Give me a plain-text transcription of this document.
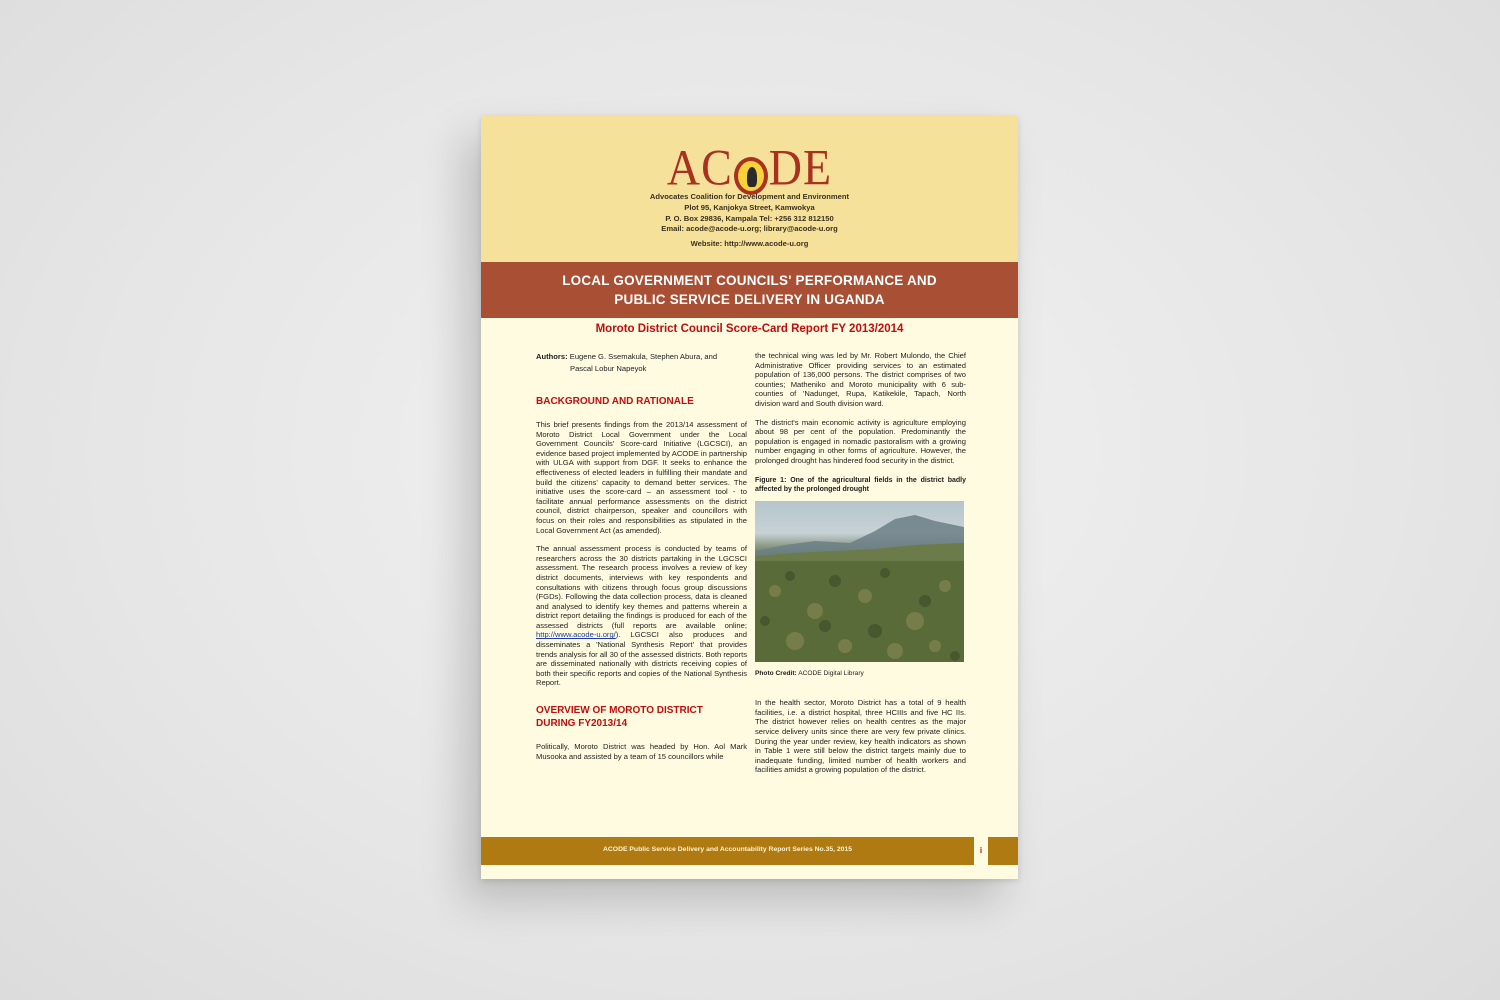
AC DE
Advocates Coalition for Development and Environment
Plot 95, Kanjokya Street, Kamwokya
P. O. Box 29836, Kampala Tel: +256 312 812150
Email: acode@acode-u.org; library@acode-u.org
Website: http://www.acode-u.org
LOCAL GOVERNMENT COUNCILS' PERFORMANCE AND
PUBLIC SERVICE DELIVERY IN UGANDA
Moroto District Council Score-Card Report FY 2013/2014
Authors: Eugene G. Ssemakula, Stephen Abura, and
Pascal Lobur Napeyok
BACKGROUND AND RATIONALE

This brief presents findings from the 2013/14 assessment of Moroto District Local Government under the Local Government Councils' Score-card Initiative (LGCSCI), an evidence based project implemented by ACODE in partnership with ULGA with support from DGF. It seeks to enhance the effectiveness of elected leaders in fulfilling their mandate and build the citizens' capacity to demand better services. The initiative uses the score-card – an assessment tool - to facilitate annual performance assessments on the district council, district chairperson, speaker and councillors with focus on their roles and responsibilities as stipulated in the Local Government Act (as amended).

The annual assessment process is conducted by teams of researchers across the 30 districts partaking in the LGCSCI assessment. The research process involves a review of key district documents, interviews with key respondents and consultations with citizens through focus group discussions (FGDs). Following the data collection process, data is cleaned and analysed to identify key themes and patterns wherein a district report detailing the findings is produced for each of the assessed districts (full reports are available online; http://www.acode-u.org/). LGCSCI also produces and disseminates a 'National Synthesis Report' that provides trends analysis for all 30 of the assessed districts. Both reports are disseminated nationally with districts receiving copies of both their specific reports and copies of the National Synthesis Report.

OVERVIEW OF MOROTO DISTRICT
DURING FY2013/14

Politically, Moroto District was headed by Hon. Aol Mark Musooka and assisted by a team of 15 councillors while

the technical wing was led by Mr. Robert Mulondo, the Chief Administrative Officer providing services to an estimated population of 136,000 persons. The district comprises of two counties; Matheniko and Moroto municipality with 6 sub-counties of 'Nadunget, Rupa, Katikekile, Tapach, North division ward and South division ward.

The district's main economic activity is agriculture employing about 98 per cent of the population. Predominantly the population is engaged in nomadic pastoralism with a growing number engaging in other forms of agriculture. However, the prolonged drought has hindered food security in the district.

Figure 1: One of the agricultural fields in the district badly affected by the prolonged drought
Photo Credit: ACODE Digital Library

In the health sector, Moroto District has a total of 9 health facilities, i.e. a district hospital, three HCIIIs and five HC IIs. The district however relies on health centres as the major service delivery units since there are very few private clinics. During the year under review, key health indicators as shown in Table 1 were still below the district targets mainly due to inadequate funding, limited number of health workers and facilities amidst a growing population of the district.

ACODE Public Service Delivery and Accountability Report Series No.35, 2015	i
